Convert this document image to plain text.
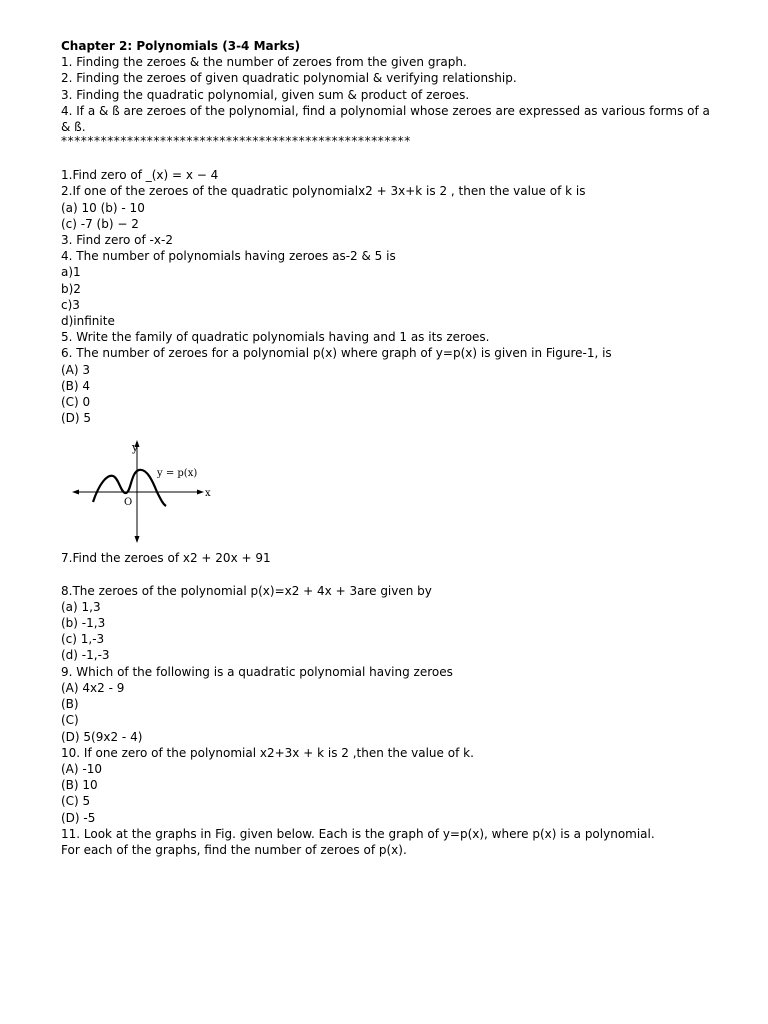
Chapter 2: Polynomials (3-4 Marks)
1. Finding the zeroes & the number of zeroes from the given graph.
2. Finding the zeroes of given quadratic polynomial & verifying relationship.
3. Finding the quadratic polynomial, given sum & product of zeroes.
4. If a & ß are zeroes of the polynomial, find a polynomial whose zeroes are expressed as various forms of a & ß.
*****************************************************
1.Find zero of _(x) = x − 4
2.If one of the zeroes of the quadratic polynomialx2 + 3x+k is 2 , then the value of k is
(a) 10 (b) - 10
(c) -7 (b) − 2
3. Find zero of -x-2
4. The number of polynomials having zeroes as-2 & 5 is
a)1
b)2
c)3
d)infinite
5. Write the family of quadratic polynomials having and 1 as its zeroes.
6. The number of zeroes for a polynomial p(x) where graph of y=p(x) is given in Figure-1, is
(A) 3
(B) 4
(C) 0
(D) 5
y
x
O
y = p(x)
7.Find the zeroes of x2 + 20x + 91
8.The zeroes of the polynomial p(x)=x2 + 4x + 3are given by
(a) 1,3
(b) -1,3
(c) 1,-3
(d) -1,-3
9. Which of the following is a quadratic polynomial having zeroes
(A) 4x2 - 9
(B)
(C)
(D) 5(9x2 - 4)
10. If one zero of the polynomial x2+3x + k is 2 ,then the value of k.
(A) -10
(B) 10
(C) 5
(D) -5
11. Look at the graphs in Fig. given below. Each is the graph of y=p(x), where p(x) is a polynomial.
For each of the graphs, find the number of zeroes of p(x).
